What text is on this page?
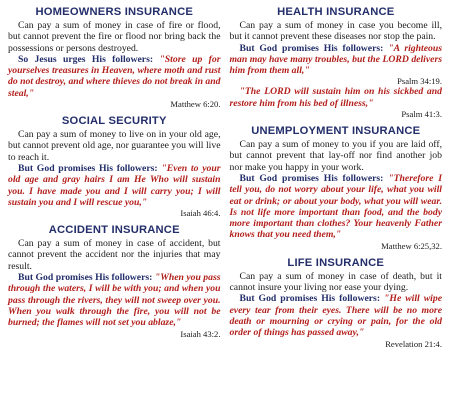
HOMEOWNERS INSURANCE

Can pay a sum of money in case of fire or flood, but cannot prevent the fire or flood nor bring back the possessions or persons destroyed.

So Jesus urges His followers: "Store up for yourselves treasures in Heaven, where moth and rust do not destroy, and where thieves do not break in and steal,"

Matthew 6:20.

SOCIAL SECURITY

Can pay a sum of money to live on in your old age, but cannot prevent old age, nor guarantee you will live to reach it.

But God promises His followers: "Even to your old age and gray hairs I am He Who will sustain you. I have made you and I will carry you; I will sustain you and I will rescue you,"

Isaiah 46:4.

ACCIDENT INSURANCE

Can pay a sum of money in case of accident, but cannot prevent the accident nor the injuries that may result.

But God promises His followers: "When you pass through the waters, I will be with you; and when you pass through the rivers, they will not sweep over you. When you walk through the fire, you will not be burned; the flames will not set you ablaze,"

Isaiah 43:2.

HEALTH INSURANCE

Can pay a sum of money in case you become ill, but it cannot prevent these diseases nor stop the pain.

But God promises His followers: "A righteous man may have many troubles, but the LORD delivers him from them all,"

Psalm 34:19.

"The LORD will sustain him on his sickbed and restore him from his bed of illness,"

Psalm 41:3.

UNEMPLOYMENT INSURANCE

Can pay a sum of money to you if you are laid off, but cannot prevent that lay-off nor find another job nor make you happy in your work.

But God promises His followers: "Therefore I tell you, do not worry about your life, what you will eat or drink; or about your body, what you will wear. Is not life more important than food, and the body more important than clothes? Your heavenly Father knows that you need them,"

Matthew 6:25,32.

LIFE INSURANCE

Can pay a sum of money in case of death, but it cannot insure your living nor ease your dying.

But God promises His followers: "He will wipe every tear from their eyes. There will be no more death or mourning or crying or pain, for the old order of things has passed away,"

Revelation 21:4.
